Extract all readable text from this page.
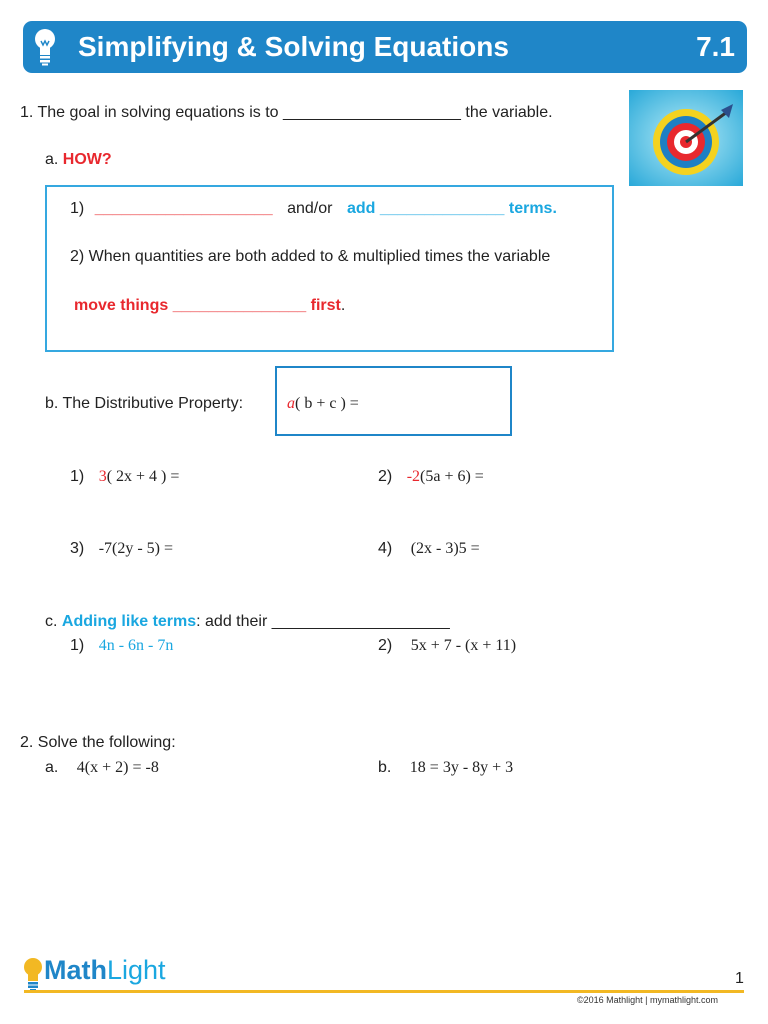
Simplifying & Solving Equations	7.1
1. The goal in solving equations is to ____________________ the variable.
a. HOW?
1) ____________________ and/or add ______________ terms.
2) When quantities are both added to & multiplied times the variable
move things _______________ first.
b. The Distributive Property:	a( b + c ) =
1) 3( 2x + 4 ) =	2) -2(5a + 6) =
3) -7(2y - 5) =	4) (2x - 3)5 =
c. Adding like terms: add their ____________________
1) 4n - 6n - 7n	2) 5x + 7 - (x + 11)
2. Solve the following:
a. 4(x + 2) = -8	b. 18 = 3y - 8y + 3
MathLight	1
©2016 Mathlight | mymathlight.com
